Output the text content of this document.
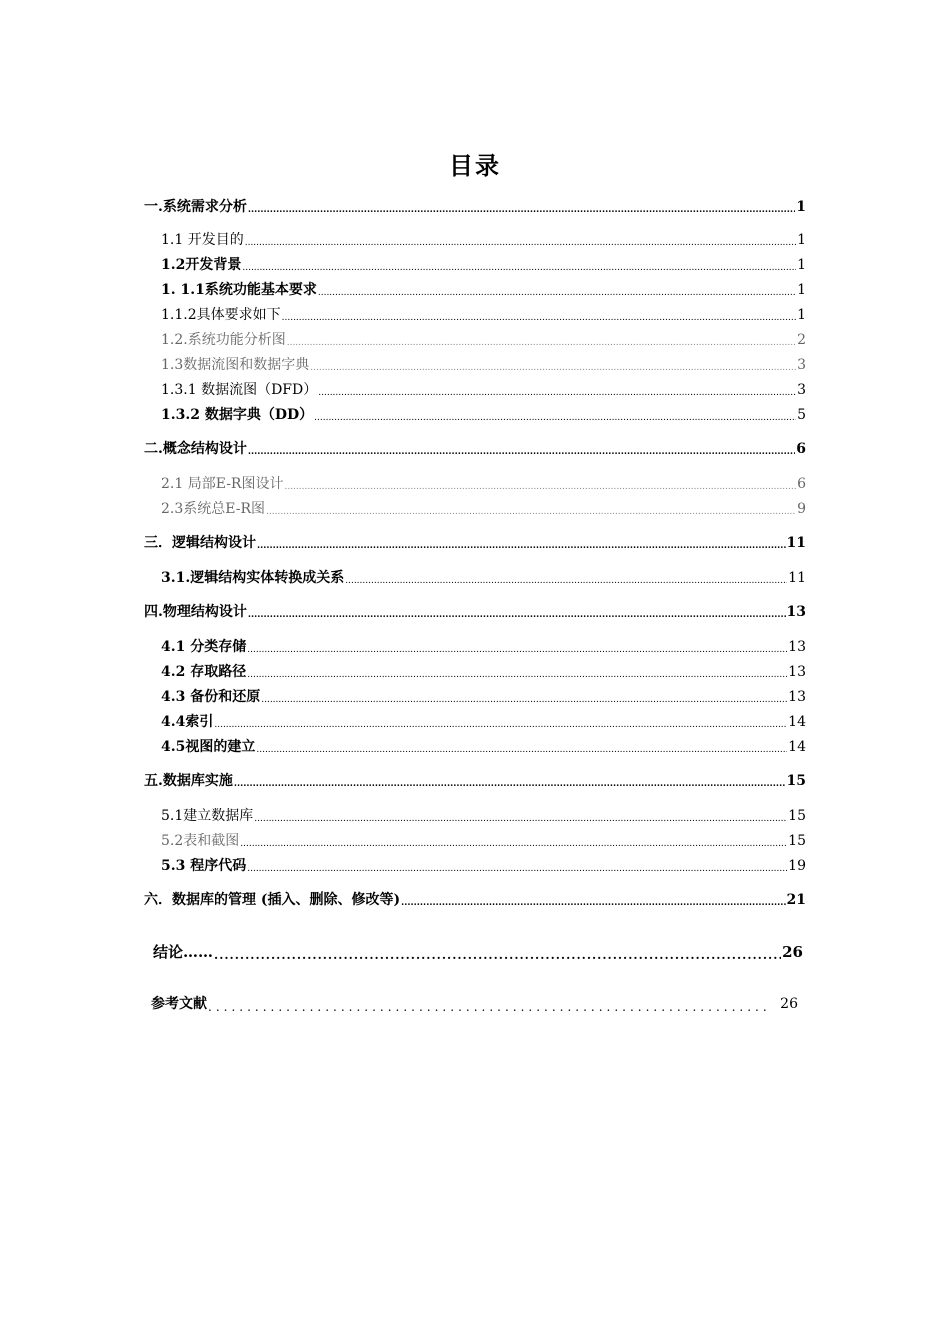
目录
一.系统需求分析 .....	1
1.1 开发目的 .....	1
1.2开发背景 .....	1
1. 1.1系统功能基本要求 .....	1
1.1.2具体要求如下 .....	1
1.2.系统功能分析图 .....	2
1.3数据流图和数据字典 .....	3
1.3.1 数据流图（DFD） .....	3
1.3.2 数据字典（DD） .....	5
二.概念结构设计 .....	6
2.1 局部E-R图设计 .....	6
2.3系统总E-R图 .....	9
三．逻辑结构设计 .....	11
3.1.逻辑结构实体转换成关系 .....	11
四.物理结构设计 .....	13
4.1 分类存储 .....	13
4.2 存取路径 .....	13
4.3 备份和还原 .....	13
4.4索引 .....	14
4.5视图的建立 .....	14
五.数据库实施 .....	15
5.1建立数据库 .....	15
5.2表和截图 .....	15
5.3 程序代码 .....	19
六．数据库的管理 (插入、删除、修改等) .....	21
结论…… .....	26
参考文献 .....	26
